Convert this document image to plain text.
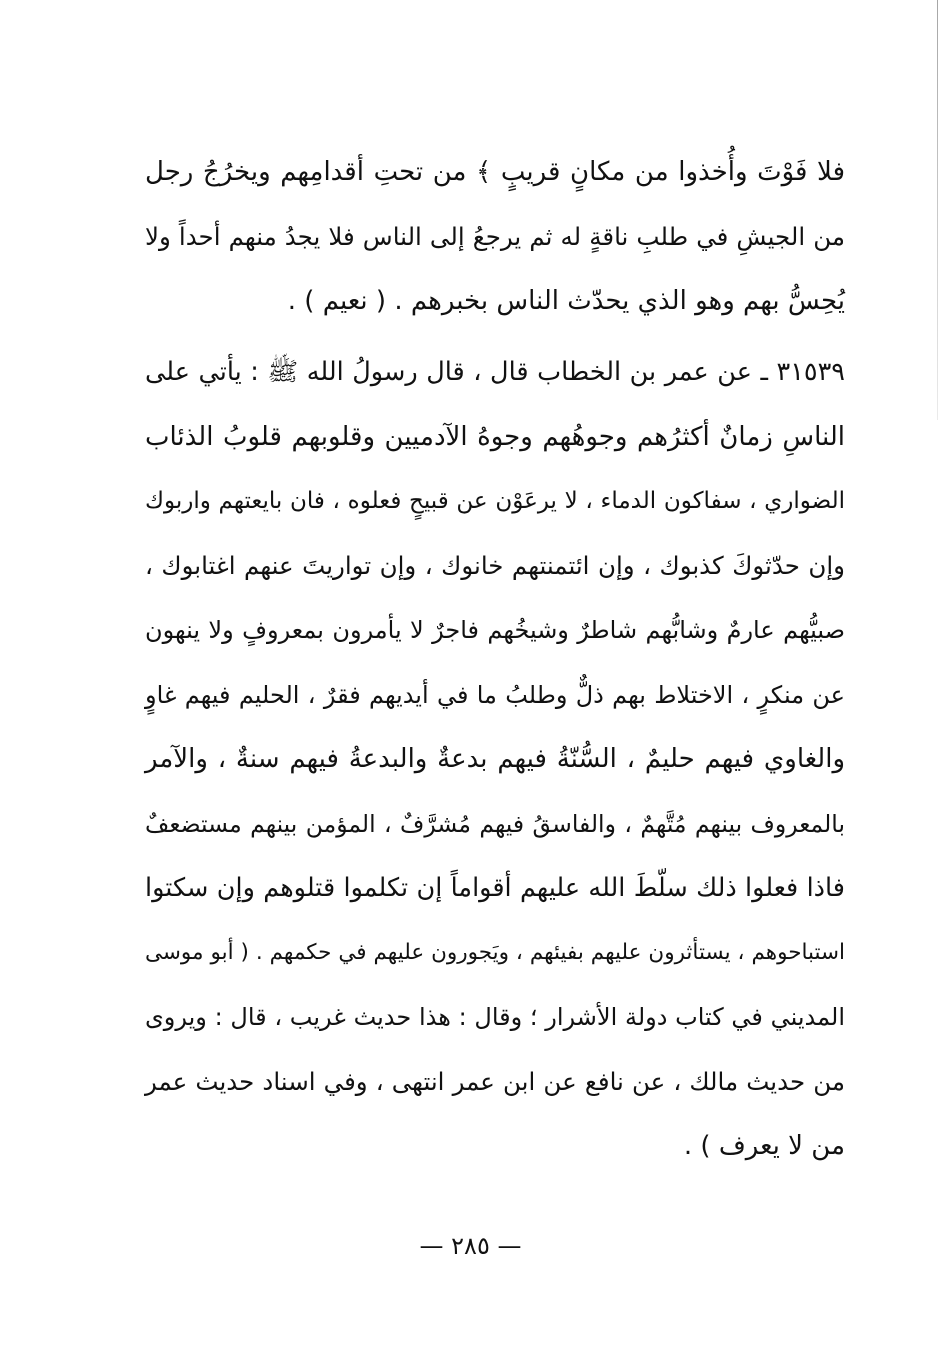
فلا فَوْتَ وأُخذوا من مكانٍ قريبٍ ﴾ من تحتِ أقدامِهم ويخرُجُ رجل
من الجيشِ في طلبِ ناقةٍ له ثم يرجعُ إلى الناس فلا يجدُ منهم أحداً ولا
يُحِسُّ بهم وهو الذي يحدّث الناس بخبرهم . ( نعيم ) .
٣١٥٣٩ ـ عن عمر بن الخطاب قال ، قال رسولُ الله ﷺ : يأتي على
الناسِ زمانٌ أكثرُهم وجوهُهم وجوهُ الآدميين وقلوبهم قلوبُ الذئاب
الضواري ، سفاكون الدماء ، لا يرعَوْن عن قبيحٍ فعلوه ، فان بايعتهم واربوك
وإن حدّثوكَ كذبوك ، وإن ائتمنتهم خانوك ، وإن تواريتَ عنهم اغتابوك ،
صبيُّهم عارمٌ وشابُّهم شاطرٌ وشيخُهم فاجرٌ لا يأمرون بمعروفٍ ولا ينهون
عن منكرٍ ، الاختلاط بهم ذلٌّ وطلبُ ما في أيديهم فقرٌ ، الحليم فيهم غاوٍ
والغاوي فيهم حليمٌ ، السُّنّةُ فيهم بدعةٌ والبدعةُ فيهم سنةٌ ، والآمر
بالمعروف بينهم مُتَّهمٌ ، والفاسقُ فيهم مُشرَّفٌ ، المؤمن بينهم مستضعفٌ
فاذا فعلوا ذلك سلّطَ الله عليهم أقواماً إن تكلموا قتلوهم وإن سكتوا
استباحوهم ، يستأثرون عليهم بفيئهم ، ويَجورون عليهم في حكمهم . ( أبو موسى
المديني في كتاب دولة الأشرار ؛ وقال : هذا حديث غريب ، قال : ويروى
من حديث مالك ، عن نافع عن ابن عمر انتهى ، وفي اسناد حديث عمر
من لا يعرف ) .
— ٢٨٥ —
